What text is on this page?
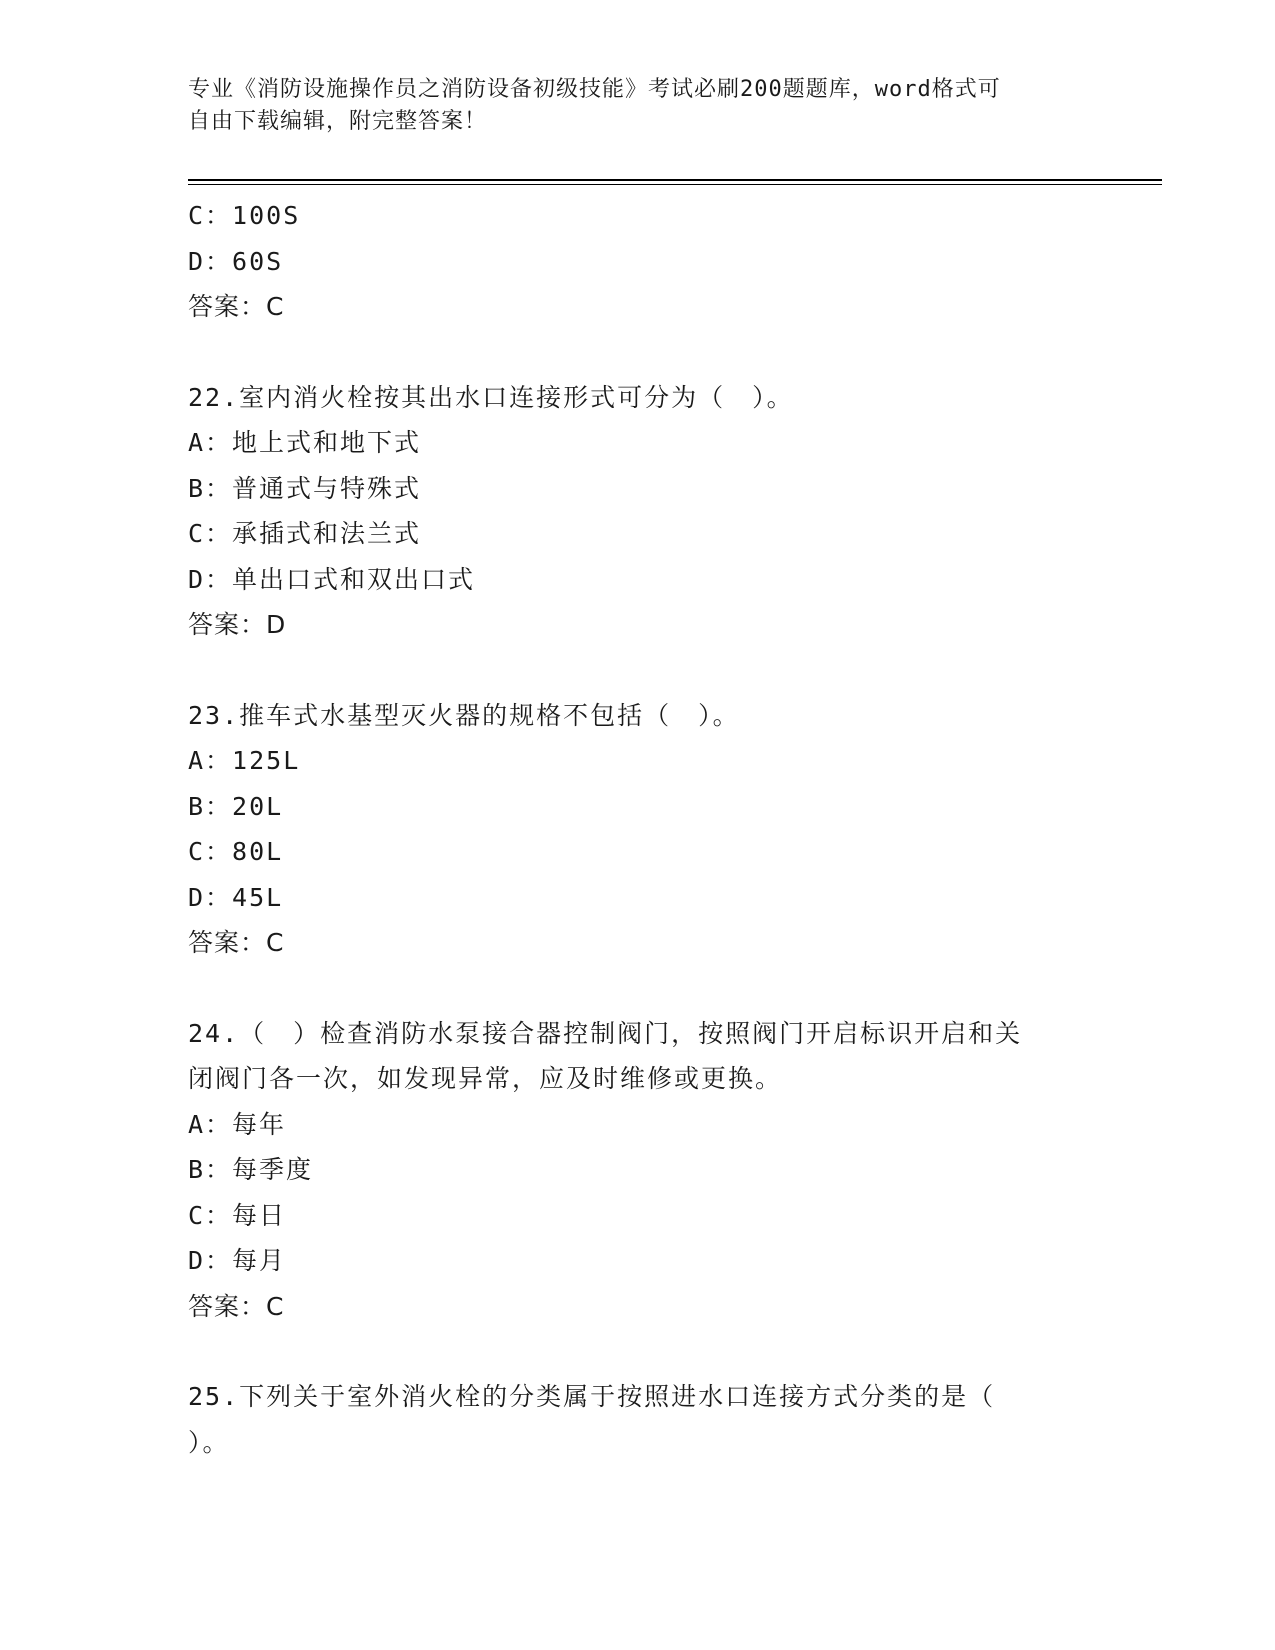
专业《消防设施操作员之消防设备初级技能》考试必刷200题题库，word格式可
自由下载编辑，附完整答案！
C：100S
D：60S
答案：C
22.室内消火栓按其出水口连接形式可分为（　）。
A：地上式和地下式
B：普通式与特殊式
C：承插式和法兰式
D：单出口式和双出口式
答案：D
23.推车式水基型灭火器的规格不包括（　）。
A：125L
B：20L
C：80L
D：45L
答案：C
24.（　）检查消防水泵接合器控制阀门，按照阀门开启标识开启和关
闭阀门各一次，如发现异常，应及时维修或更换。
A：每年
B：每季度
C：每日
D：每月
答案：C
25.下列关于室外消火栓的分类属于按照进水口连接方式分类的是（
）。
